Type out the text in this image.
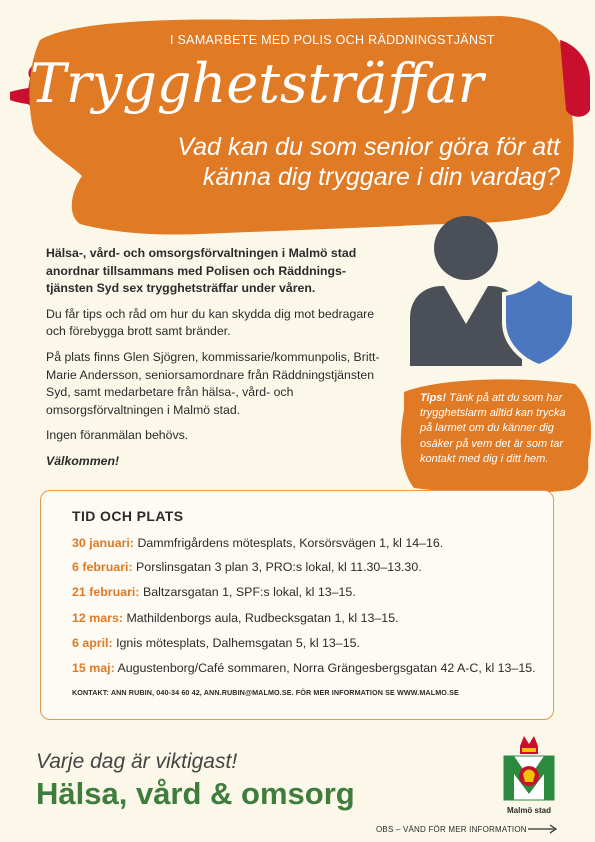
I SAMARBETE MED POLIS OCH RÄDDNINGSTJÄNST
Trygghetsträffar
Vad kan du som senior göra för att känna dig tryggare i din vardag?

Hälsa-, vård- och omsorgsförvaltningen i Malmö stad anordnar tillsammans med Polisen och Räddnings-tjänsten Syd sex trygghetsträffar under våren.

Du får tips och råd om hur du kan skydda dig mot bedragare och förebygga brott samt bränder.

På plats finns Glen Sjögren, kommissarie/kommunpolis, Britt-Marie Andersson, seniorsamordnare från Räddningstjänsten Syd, samt medarbetare från hälsa-, vård- och omsorgsförvaltningen i Malmö stad.

Ingen föranmälan behövs.

Välkommen!

Tips! Tänk på att du som har trygghetslarm alltid kan trycka på larmet om du känner dig osäker på vem det är som tar kontakt med dig i ditt hem.
TID OCH PLATS
30 januari: Dammfrigårdens mötesplats, Korsörsvägen 1, kl 14–16.
6 februari: Porslinsgatan 3 plan 3, PRO:s lokal, kl 11.30–13.30.
21 februari: Baltzarsgatan 1, SPF:s lokal, kl 13–15.
12 mars: Mathildenborgs aula, Rudbecksgatan 1, kl 13–15.
6 april: Ignis mötesplats, Dalhemsgatan 5, kl 13–15.
15 maj: Augustenborg/Café sommaren, Norra Grängesbergsgatan 42 A-C, kl 13–15.
KONTAKT: ANN RUBIN, 040-34 60 42, ANN.RUBIN@MALMO.SE. FÖR MER INFORMATION SE WWW.MALMO.SE
Varje dag är viktigast!
Hälsa, vård & omsorg	Malmö stad
OBS – VÄND FÖR MER INFORMATION
